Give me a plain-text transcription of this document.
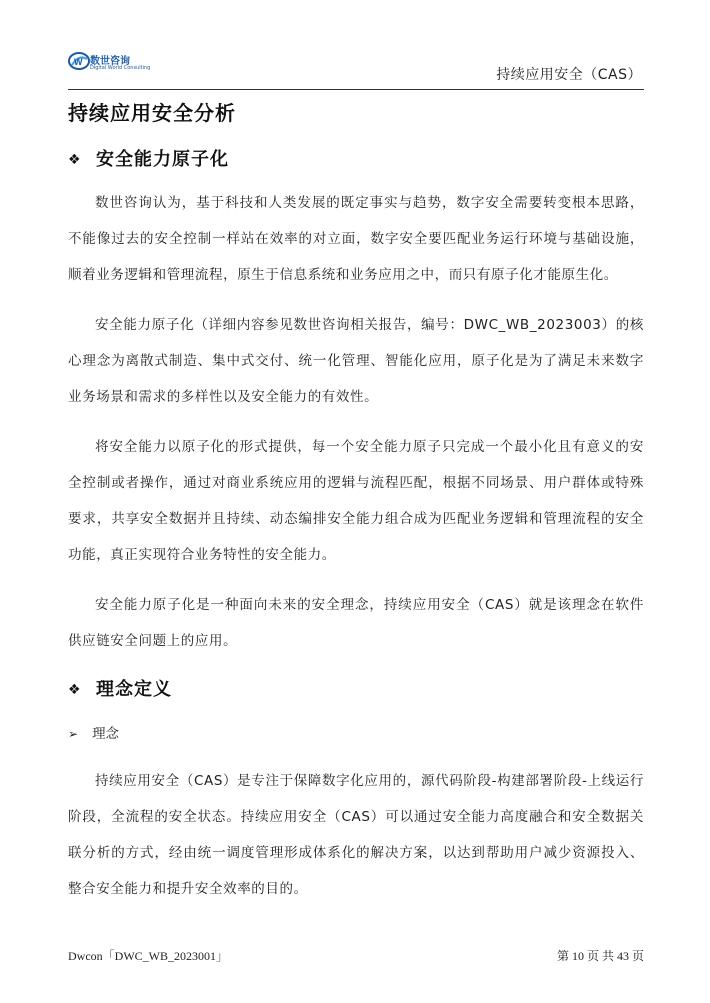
W 数世咨询
Digital World Consulting	持续应用安全（CAS）
持续应用安全分析
❖ 安全能力原子化

数世咨询认为，基于科技和人类发展的既定事实与趋势，数字安全需要转变根本思路，不能像过去的安全控制一样站在效率的对立面，数字安全要匹配业务运行环境与基础设施，顺着业务逻辑和管理流程，原生于信息系统和业务应用之中，而只有原子化才能原生化。

安全能力原子化（详细内容参见数世咨询相关报告，编号：DWC_WB_2023003）的核心理念为离散式制造、集中式交付、统一化管理、智能化应用，原子化是为了满足未来数字业务场景和需求的多样性以及安全能力的有效性。

将安全能力以原子化的形式提供，每一个安全能力原子只完成一个最小化且有意义的安全控制或者操作，通过对商业系统应用的逻辑与流程匹配，根据不同场景、用户群体或特殊要求，共享安全数据并且持续、动态编排安全能力组合成为匹配业务逻辑和管理流程的安全功能，真正实现符合业务特性的安全能力。

安全能力原子化是一种面向未来的安全理念，持续应用安全（CAS）就是该理念在软件供应链安全问题上的应用。

❖ 理念定义
➢ 理念

持续应用安全（CAS）是专注于保障数字化应用的，源代码阶段-构建部署阶段-上线运行阶段，全流程的安全状态。持续应用安全（CAS）可以通过安全能力高度融合和安全数据关联分析的方式，经由统一调度管理形成体系化的解决方案，以达到帮助用户减少资源投入、整合安全能力和提升安全效率的目的。

Dwcon「DWC_WB_2023001」	第 10 页 共 43 页
